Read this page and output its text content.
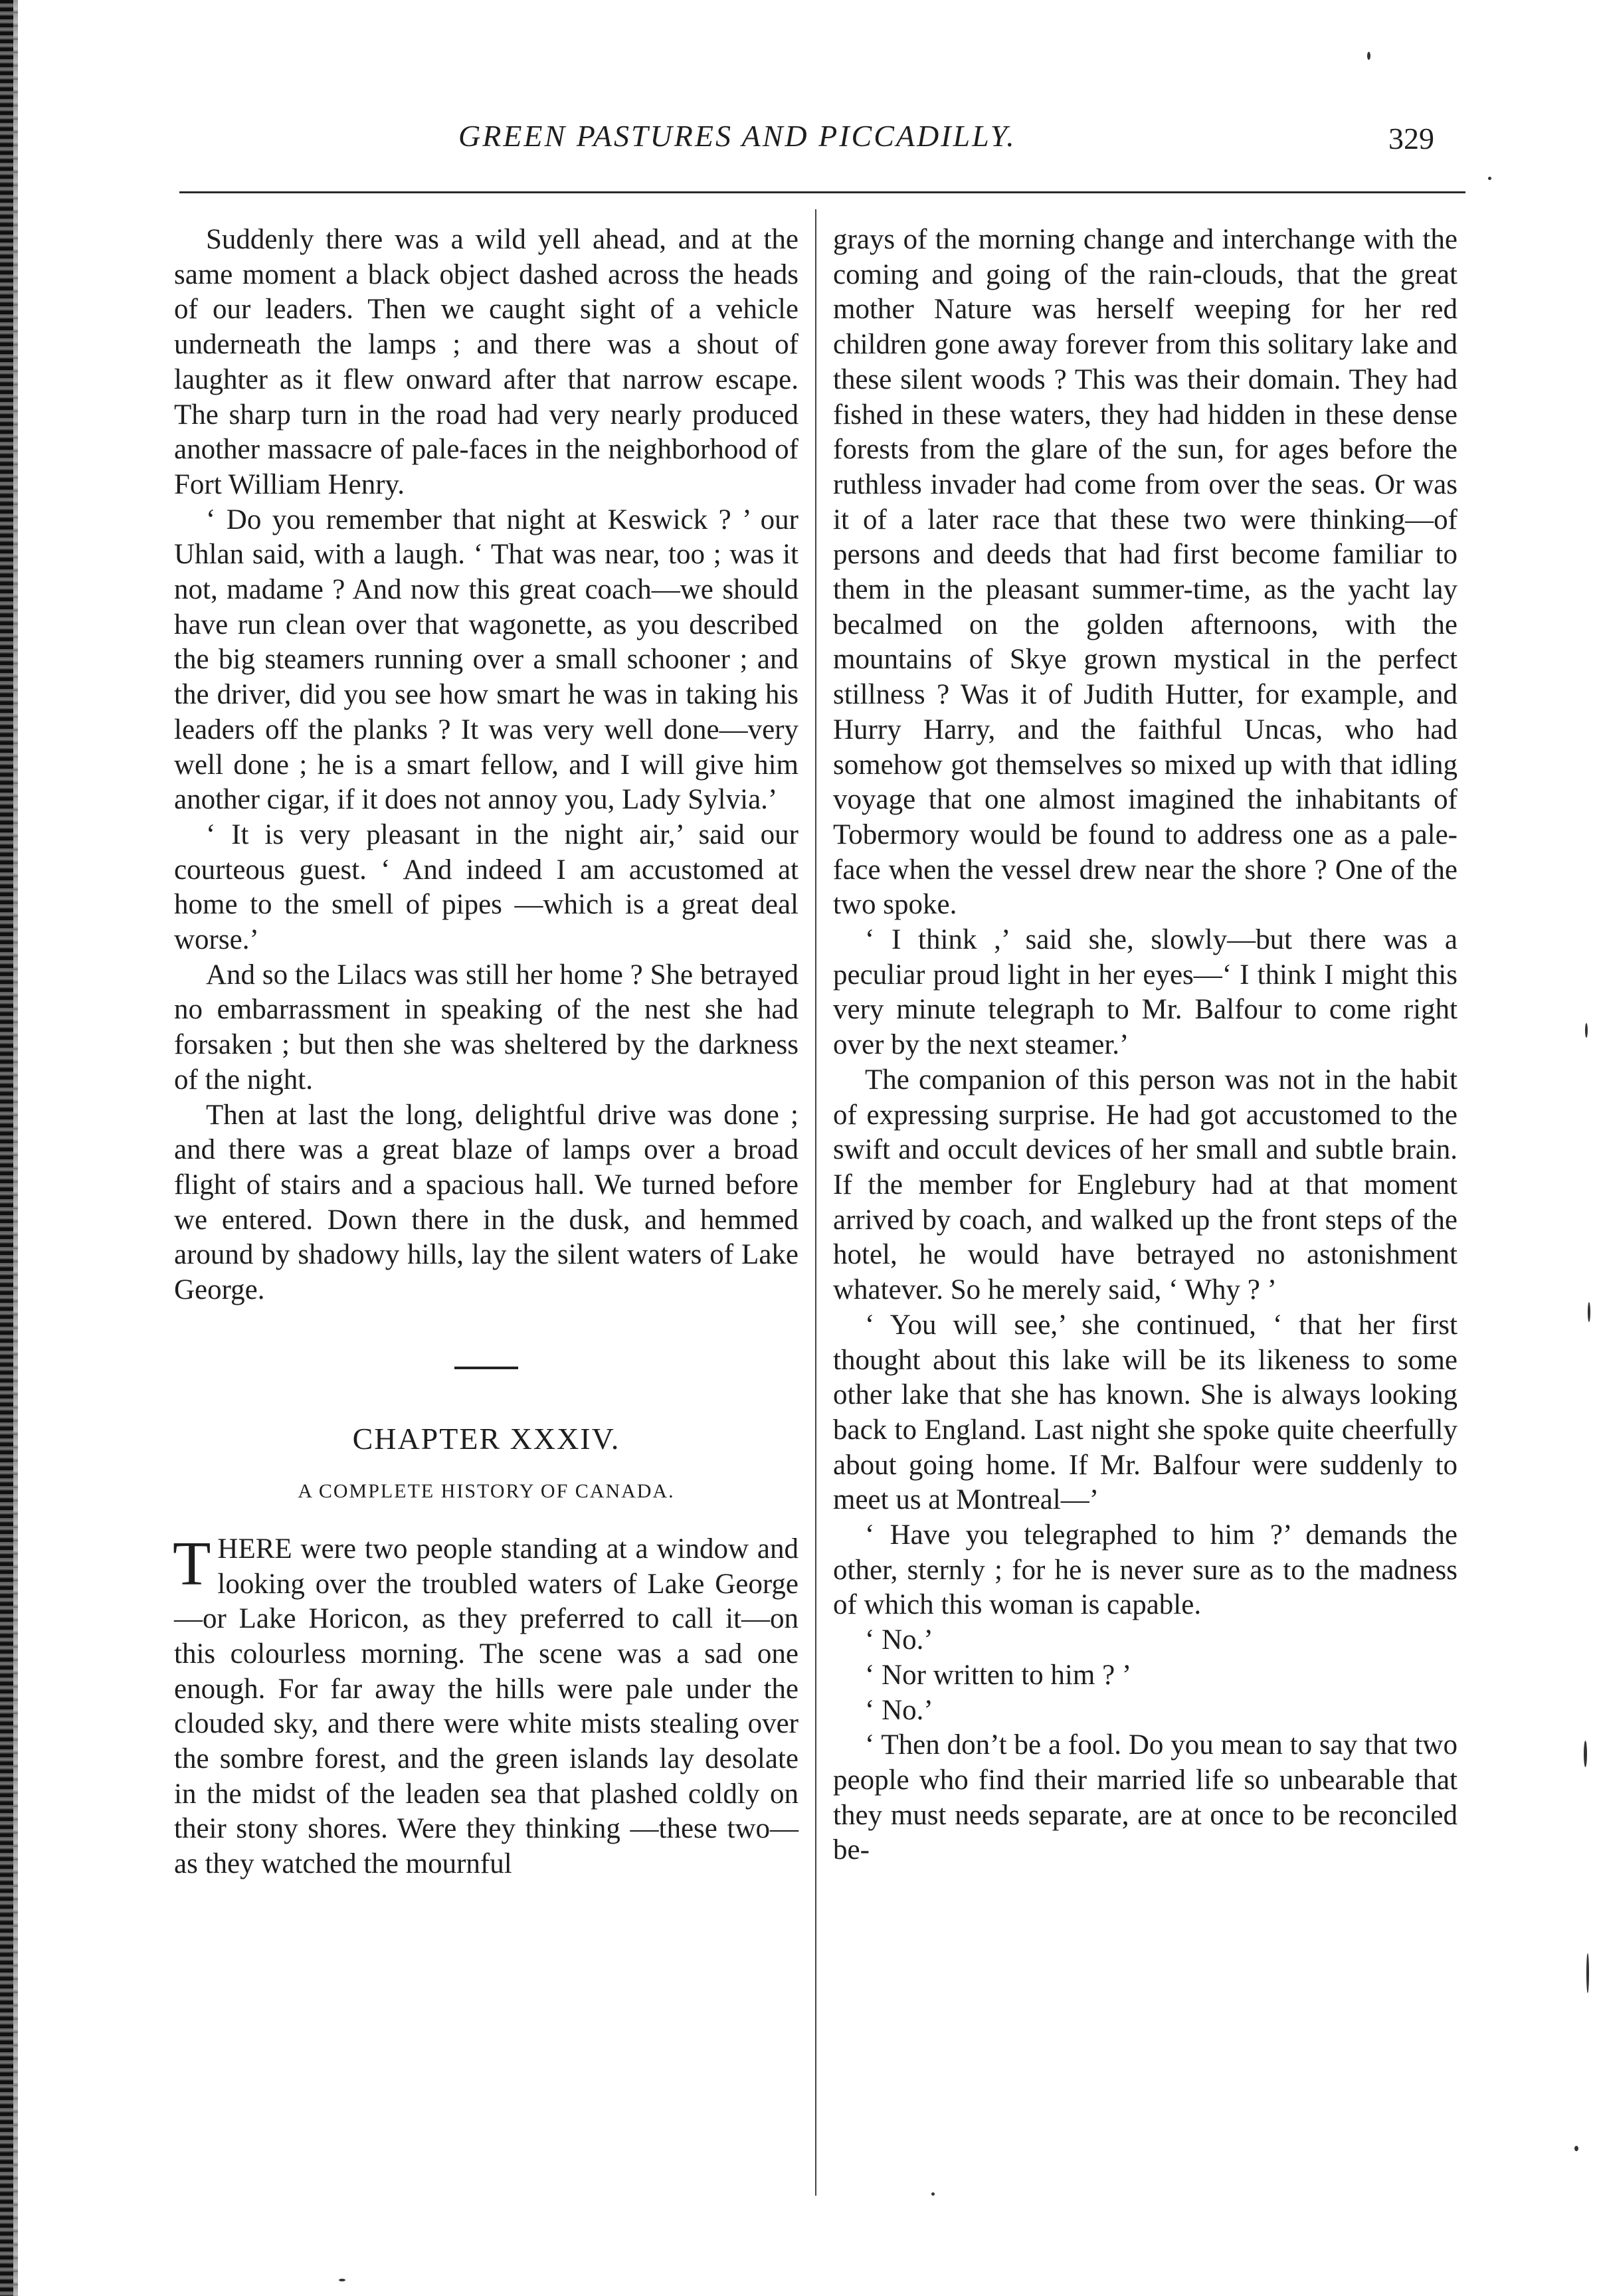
GREEN PASTURES AND PICCADILLY.	329

Suddenly there was a wild yell ahead, and at the same moment a black object dashed across the heads of our leaders. Then we caught sight of a vehicle underneath the lamps ; and there was a shout of laughter as it flew onward after that narrow escape. The sharp turn in the road had very nearly produced another massacre of pale-faces in the neighborhood of Fort William Henry.

‘ Do you remember that night at Keswick ? ’ our Uhlan said, with a laugh. ‘ That was near, too ; was it not, madame ? And now this great coach—we should have run clean over that wagonette, as you described the big steamers running over a small schooner ; and the driver, did you see how smart he was in taking his leaders off the planks ? It was very well done—very well done ; he is a smart fellow, and I will give him another cigar, if it does not annoy you, Lady Sylvia.’

‘ It is very pleasant in the night air,’ said our courteous guest. ‘ And indeed I am accustomed at home to the smell of pipes —which is a great deal worse.’

And so the Lilacs was still her home ? She betrayed no embarrassment in speaking of the nest she had forsaken ; but then she was sheltered by the darkness of the night.

Then at last the long, delightful drive was done ; and there was a great blaze of lamps over a broad flight of stairs and a spacious hall. We turned before we entered. Down there in the dusk, and hemmed around by shadowy hills, lay the silent waters of Lake George.

CHAPTER XXXIV.
A COMPLETE HISTORY OF CANADA.

THERE were two people standing at a window and looking over the troubled waters of Lake George—or Lake Horicon, as they preferred to call it—on this colourless morning. The scene was a sad one enough. For far away the hills were pale under the clouded sky, and there were white mists stealing over the sombre forest, and the green islands lay desolate in the midst of the leaden sea that plashed coldly on their stony shores. Were they thinking —these two—as they watched the mournful

grays of the morning change and interchange with the coming and going of the rain-clouds, that the great mother Nature was herself weeping for her red children gone away forever from this solitary lake and these silent woods ? This was their domain. They had fished in these waters, they had hidden in these dense forests from the glare of the sun, for ages before the ruthless invader had come from over the seas. Or was it of a later race that these two were thinking—of persons and deeds that had first become familiar to them in the pleasant summer-time, as the yacht lay becalmed on the golden afternoons, with the mountains of Skye grown mystical in the perfect stillness ? Was it of Judith Hutter, for example, and Hurry Harry, and the faithful Uncas, who had somehow got themselves so mixed up with that idling voyage that one almost imagined the inhabitants of Tobermory would be found to address one as a pale-face when the vessel drew near the shore ? One of the two spoke.

‘ I think ,’ said she, slowly—but there was a peculiar proud light in her eyes—‘ I think I might this very minute telegraph to Mr. Balfour to come right over by the next steamer.’

The companion of this person was not in the habit of expressing surprise. He had got accustomed to the swift and occult devices of her small and subtle brain. If the member for Englebury had at that moment arrived by coach, and walked up the front steps of the hotel, he would have betrayed no astonishment whatever. So he merely said, ‘ Why ? ’

‘ You will see,’ she continued, ‘ that her first thought about this lake will be its likeness to some other lake that she has known. She is always looking back to England. Last night she spoke quite cheerfully about going home. If Mr. Balfour were suddenly to meet us at Montreal—’

‘ Have you telegraphed to him ?’ demands the other, sternly ; for he is never sure as to the madness of which this woman is capable.

‘ No.’

‘ Nor written to him ? ’

‘ No.’

‘ Then don’t be a fool. Do you mean to say that two people who find their married life so unbearable that they must needs separate, are at once to be reconciled be-
